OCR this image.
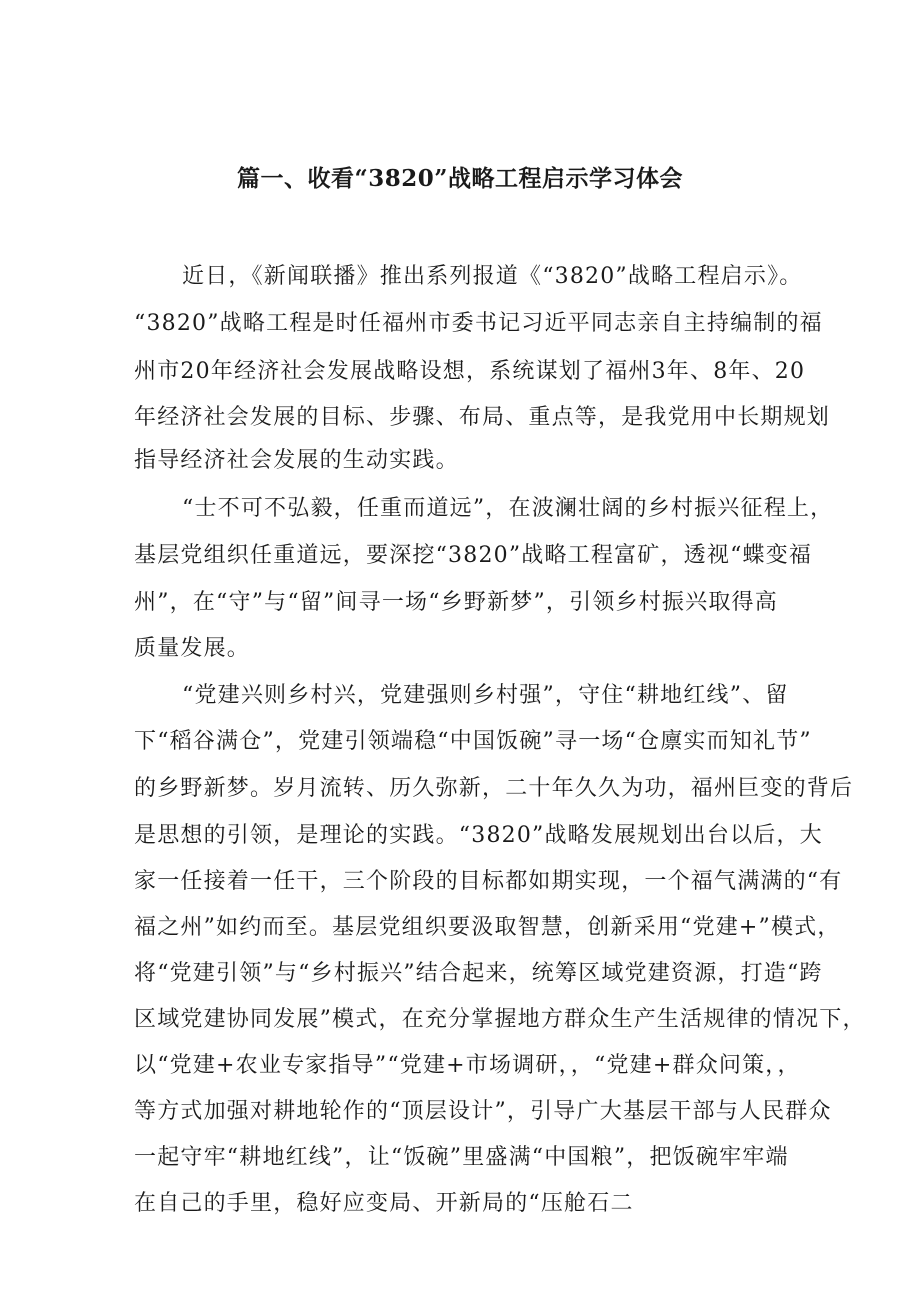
篇一、收看“3820”战略工程启示学习体会
近日，《新闻联播》推出系列报道《“3820”战略工程启示》。
“3820”战略工程是时任福州市委书记习近平同志亲自主持编制的福
州市20年经济社会发展战略设想，系统谋划了福州3年、8年、20
年经济社会发展的目标、步骤、布局、重点等，是我党用中长期规划
指导经济社会发展的生动实践。
“士不可不弘毅，任重而道远”，在波澜壮阔的乡村振兴征程上，
基层党组织任重道远，要深挖“3820”战略工程富矿，透视“蝶变福
州”，在“守”与“留”间寻一场“乡野新梦”，引领乡村振兴取得高
质量发展。
“党建兴则乡村兴，党建强则乡村强”，守住“耕地红线”、留
下“稻谷满仓”，党建引领端稳“中国饭碗”寻一场“仓廪实而知礼节”
的乡野新梦。岁月流转、历久弥新，二十年久久为功，福州巨变的背后
是思想的引领，是理论的实践。“3820”战略发展规划出台以后，大
家一任接着一任干，三个阶段的目标都如期实现，一个福气满满的“有
福之州”如约而至。基层党组织要汲取智慧，创新采用“党建+”模式，
将“党建引领”与“乡村振兴”结合起来，统筹区域党建资源，打造“跨
区域党建协同发展”模式，在充分掌握地方群众生产生活规律的情况下，
以“党建+农业专家指导”“党建+市场调研，，“党建+群众问策，，
等方式加强对耕地轮作的“顶层设计”，引导广大基层干部与人民群众
一起守牢“耕地红线”，让“饭碗”里盛满“中国粮”，把饭碗牢牢端
在自己的手里，稳好应变局、开新局的“压舱石二
